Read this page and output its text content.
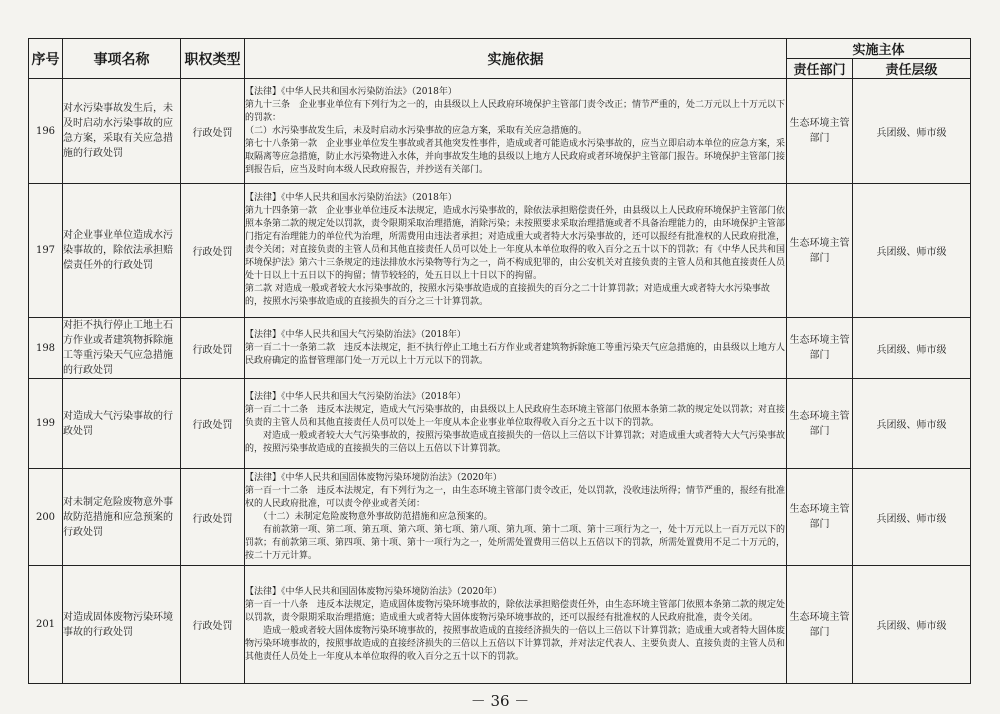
序号	事项名称	职权类型	实施依据	实施主体	
				责任部门	责任层级
196	对水污染事故发生后，未及时启动水污染事故的应急方案，采取有关应急措施的行政处罚	行政处罚	【法律】《中华人民共和国水污染防治法》（2018年）

第九十三条　企业事业单位有下列行为之一的，由县级以上人民政府环境保护主管部门责令改正；情节严重的，处二万元以上十万元以下的罚款：

（二）水污染事故发生后，未及时启动水污染事故的应急方案，采取有关应急措施的。

第七十八条第一款　企业事业单位发生事故或者其他突发性事件，造成或者可能造成水污染事故的，应当立即启动本单位的应急方案，采取隔离等应急措施，防止水污染物进入水体，并向事故发生地的县级以上地方人民政府或者环境保护主管部门报告。环境保护主管部门接到报告后，应当及时向本级人民政府报告，并抄送有关部门。	生态环境主管部门	兵团级、师市级
197	对企业事业单位造成水污染事故的，除依法承担赔偿责任外的行政处罚	行政处罚	【法律】《中华人民共和国水污染防治法》（2018年）

第九十四条第一款　企业事业单位违反本法规定，造成水污染事故的，除依法承担赔偿责任外，由县级以上人民政府环境保护主管部门依照本条第二款的规定处以罚款，责令限期采取治理措施，消除污染；未按照要求采取治理措施或者不具备治理能力的，由环境保护主管部门指定有治理能力的单位代为治理，所需费用由违法者承担；对造成重大或者特大水污染事故的，还可以报经有批准权的人民政府批准，责令关闭；对直接负责的主管人员和其他直接责任人员可以处上一年度从本单位取得的收入百分之五十以下的罚款；有《中华人民共和国环境保护法》第六十三条规定的违法排放水污染物等行为之一，尚不构成犯罪的，由公安机关对直接负责的主管人员和其他直接责任人员处十日以上十五日以下的拘留；情节较轻的，处五日以上十日以下的拘留。

第二款 对造成一般或者较大水污染事故的，按照水污染事故造成的直接损失的百分之二十计算罚款；对造成重大或者特大水污染事故的，按照水污染事故造成的直接损失的百分之三十计算罚款。	生态环境主管部门	兵团级、师市级
198	对拒不执行停止工地土石方作业或者建筑物拆除施工等重污染天气应急措施的行政处罚	行政处罚	【法律】《中华人民共和国大气污染防治法》（2018年）

第一百二十一条第二款　违反本法规定，拒不执行停止工地土石方作业或者建筑物拆除施工等重污染天气应急措施的，由县级以上地方人民政府确定的监督管理部门处一万元以上十万元以下的罚款。	生态环境主管部门	兵团级、师市级
199	对造成大气污染事故的行政处罚	行政处罚	【法律】《中华人民共和国大气污染防治法》（2018年）

第一百二十二条　违反本法规定，造成大气污染事故的，由县级以上人民政府生态环境主管部门依照本条第二款的规定处以罚款；对直接负责的主管人员和其他直接责任人员可以处上一年度从本企业事业单位取得收入百分之五十以下的罚款。

　　对造成一般或者较大大气污染事故的，按照污染事故造成直接损失的一倍以上三倍以下计算罚款；对造成重大或者特大大气污染事故的，按照污染事故造成的直接损失的三倍以上五倍以下计算罚款。	生态环境主管部门	兵团级、师市级
200	对未制定危险废物意外事故防范措施和应急预案的行政处罚	行政处罚	【法律】《中华人民共和国固体废物污染环境防治法》（2020年）

第一百一十二条　违反本法规定，有下列行为之一，由生态环境主管部门责令改正，处以罚款，没收违法所得；情节严重的，报经有批准权的人民政府批准，可以责令停业或者关闭：

　　（十二）未制定危险废物意外事故防范措施和应急预案的。

　　有前款第一项、第二项、第五项、第六项、第七项、第八项、第九项、第十二项、第十三项行为之一，处十万元以上一百万元以下的罚款；有前款第三项、第四项、第十项、第十一项行为之一，处所需处置费用三倍以上五倍以下的罚款，所需处置费用不足二十万元的，按二十万元计算。	生态环境主管部门	兵团级、师市级
201	对造成固体废物污染环境事故的行政处罚	行政处罚	【法律】《中华人民共和国固体废物污染环境防治法》（2020年）

第一百一十八条　违反本法规定，造成固体废物污染环境事故的，除依法承担赔偿责任外，由生态环境主管部门依照本条第二款的规定处以罚款，责令限期采取治理措施；造成重大或者特大固体废物污染环境事故的，还可以报经有批准权的人民政府批准，责令关闭。

　　造成一般或者较大固体废物污染环境事故的，按照事故造成的直接经济损失的一倍以上三倍以下计算罚款；造成重大或者特大固体废物污染环境事故的，按照事故造成的直接经济损失的三倍以上五倍以下计算罚款，并对法定代表人、主要负责人、直接负责的主管人员和其他责任人员处上一年度从本单位取得的收入百分之五十以下的罚款。	生态环境主管部门	兵团级、师市级
－ 36 －
